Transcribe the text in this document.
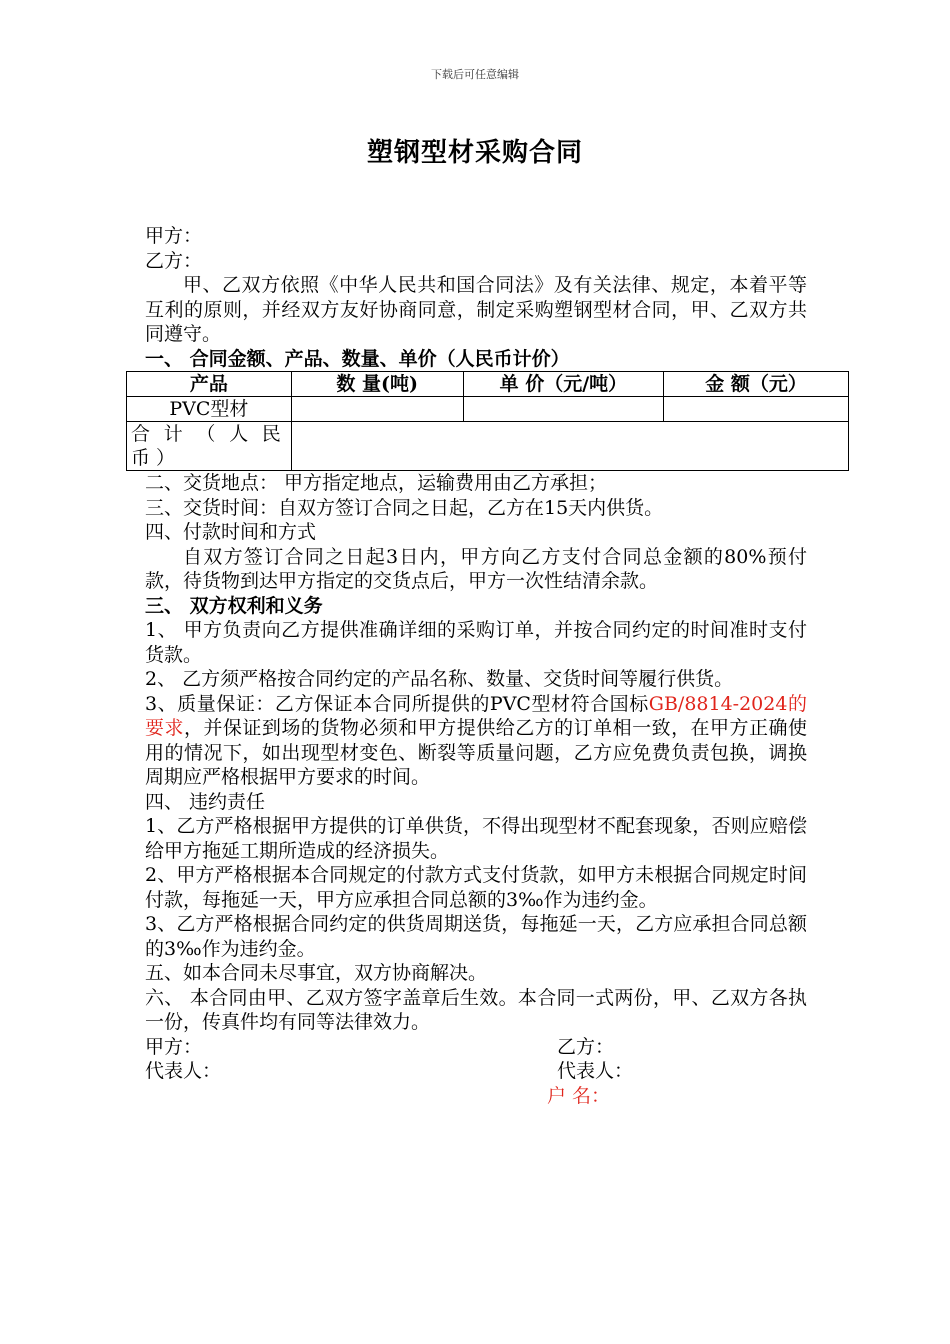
下载后可任意编辑
塑钢型材采购合同

甲方：

乙方：

甲、乙双方依照《中华人民共和国合同法》及有关法律、规定，本着平等互利的原则，并经双方友好协商同意，制定采购塑钢型材合同，甲、乙双方共同遵守。

一、 合同金额、产品、数量、单价（人民币计价）

产品	数 量(吨)	单 价（元/吨）	金 额（元）
PVC型材			

合计（人民币）			

二、交货地点： 甲方指定地点，运输费用由乙方承担；

三、交货时间：自双方签订合同之日起，乙方在15天内供货。

四、付款时间和方式

自双方签订合同之日起3日内，甲方向乙方支付合同总金额的80%预付款，待货物到达甲方指定的交货点后，甲方一次性结清余款。

三、 双方权利和义务

1、 甲方负责向乙方提供准确详细的采购订单，并按合同约定的时间准时支付货款。

2、 乙方须严格按合同约定的产品名称、数量、交货时间等履行供货。

3、质量保证：乙方保证本合同所提供的PVC型材符合国标GB/8814-2024的要求，并保证到场的货物必须和甲方提供给乙方的订单相一致，在甲方正确使用的情况下，如出现型材变色、断裂等质量问题，乙方应免费负责包换，调换周期应严格根据甲方要求的时间。

四、 违约责任

1、乙方严格根据甲方提供的订单供货，不得出现型材不配套现象，否则应赔偿给甲方拖延工期所造成的经济损失。

2、甲方严格根据本合同规定的付款方式支付货款，如甲方未根据合同规定时间付款，每拖延一天，甲方应承担合同总额的3‰作为违约金。

3、乙方严格根据合同约定的供货周期送货，每拖延一天，乙方应承担合同总额的3‰作为违约金。

五、如本合同未尽事宜，双方协商解决。

六、 本合同由甲、乙双方签字盖章后生效。本合同一式两份，甲、乙双方各执一份，传真件均有同等法律效力。

甲方：	乙方：
代表人：	代表人：
户 名：
